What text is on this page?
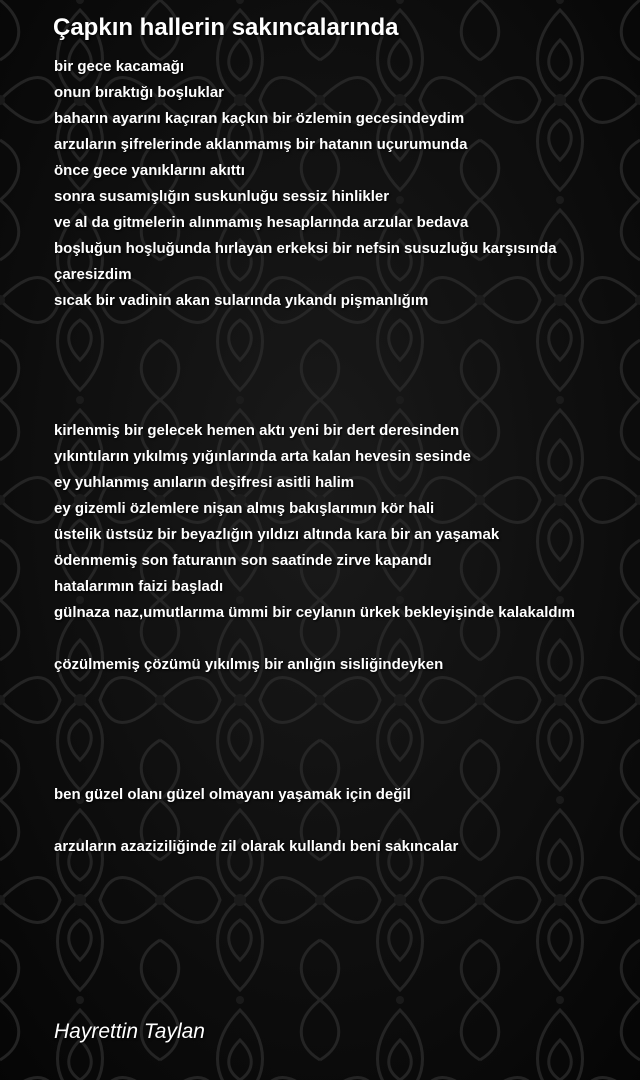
Çapkın hallerin sakıncalarında
bir gece kacamağı
onun bıraktığı boşluklar
baharın ayarını kaçıran kaçkın bir özlemin gecesindeydim
arzuların şifrelerinde aklanmamış bir hatanın uçurumunda
önce gece yanıklarını akıttı
sonra susamışlığın suskunluğu sessiz hinlikler
ve al da gitmelerin alınmamış hesaplarında arzular bedava
boşluğun hoşluğunda hırlayan erkeksi bir nefsin susuzluğu karşısında
çaresizdim
sıcak bir vadinin akan sularında yıkandı pişmanlığım
kirlenmiş bir gelecek hemen aktı yeni bir dert deresinden
yıkıntıların yıkılmış yığınlarında arta kalan hevesin sesinde
ey yuhlanmış anıların deşifresi asitli halim
ey gizemli özlemlere nişan almış bakışlarımın kör hali
üstelik üstsüz bir beyazlığın yıldızı altında kara bir an yaşamak
ödenmemiş son faturanın son saatinde zirve kapandı
hatalarımın faizi başladı
gülnaza naz,umutlarıma ümmi bir ceylanın ürkek bekleyişinde kalakaldım
çözülmemiş çözümü yıkılmış bir anlığın sisliğindeyken
ben güzel olanı güzel olmayanı yaşamak için değil
arzuların azaziziliğinde zil olarak kullandı beni sakıncalar
Hayrettin Taylan
